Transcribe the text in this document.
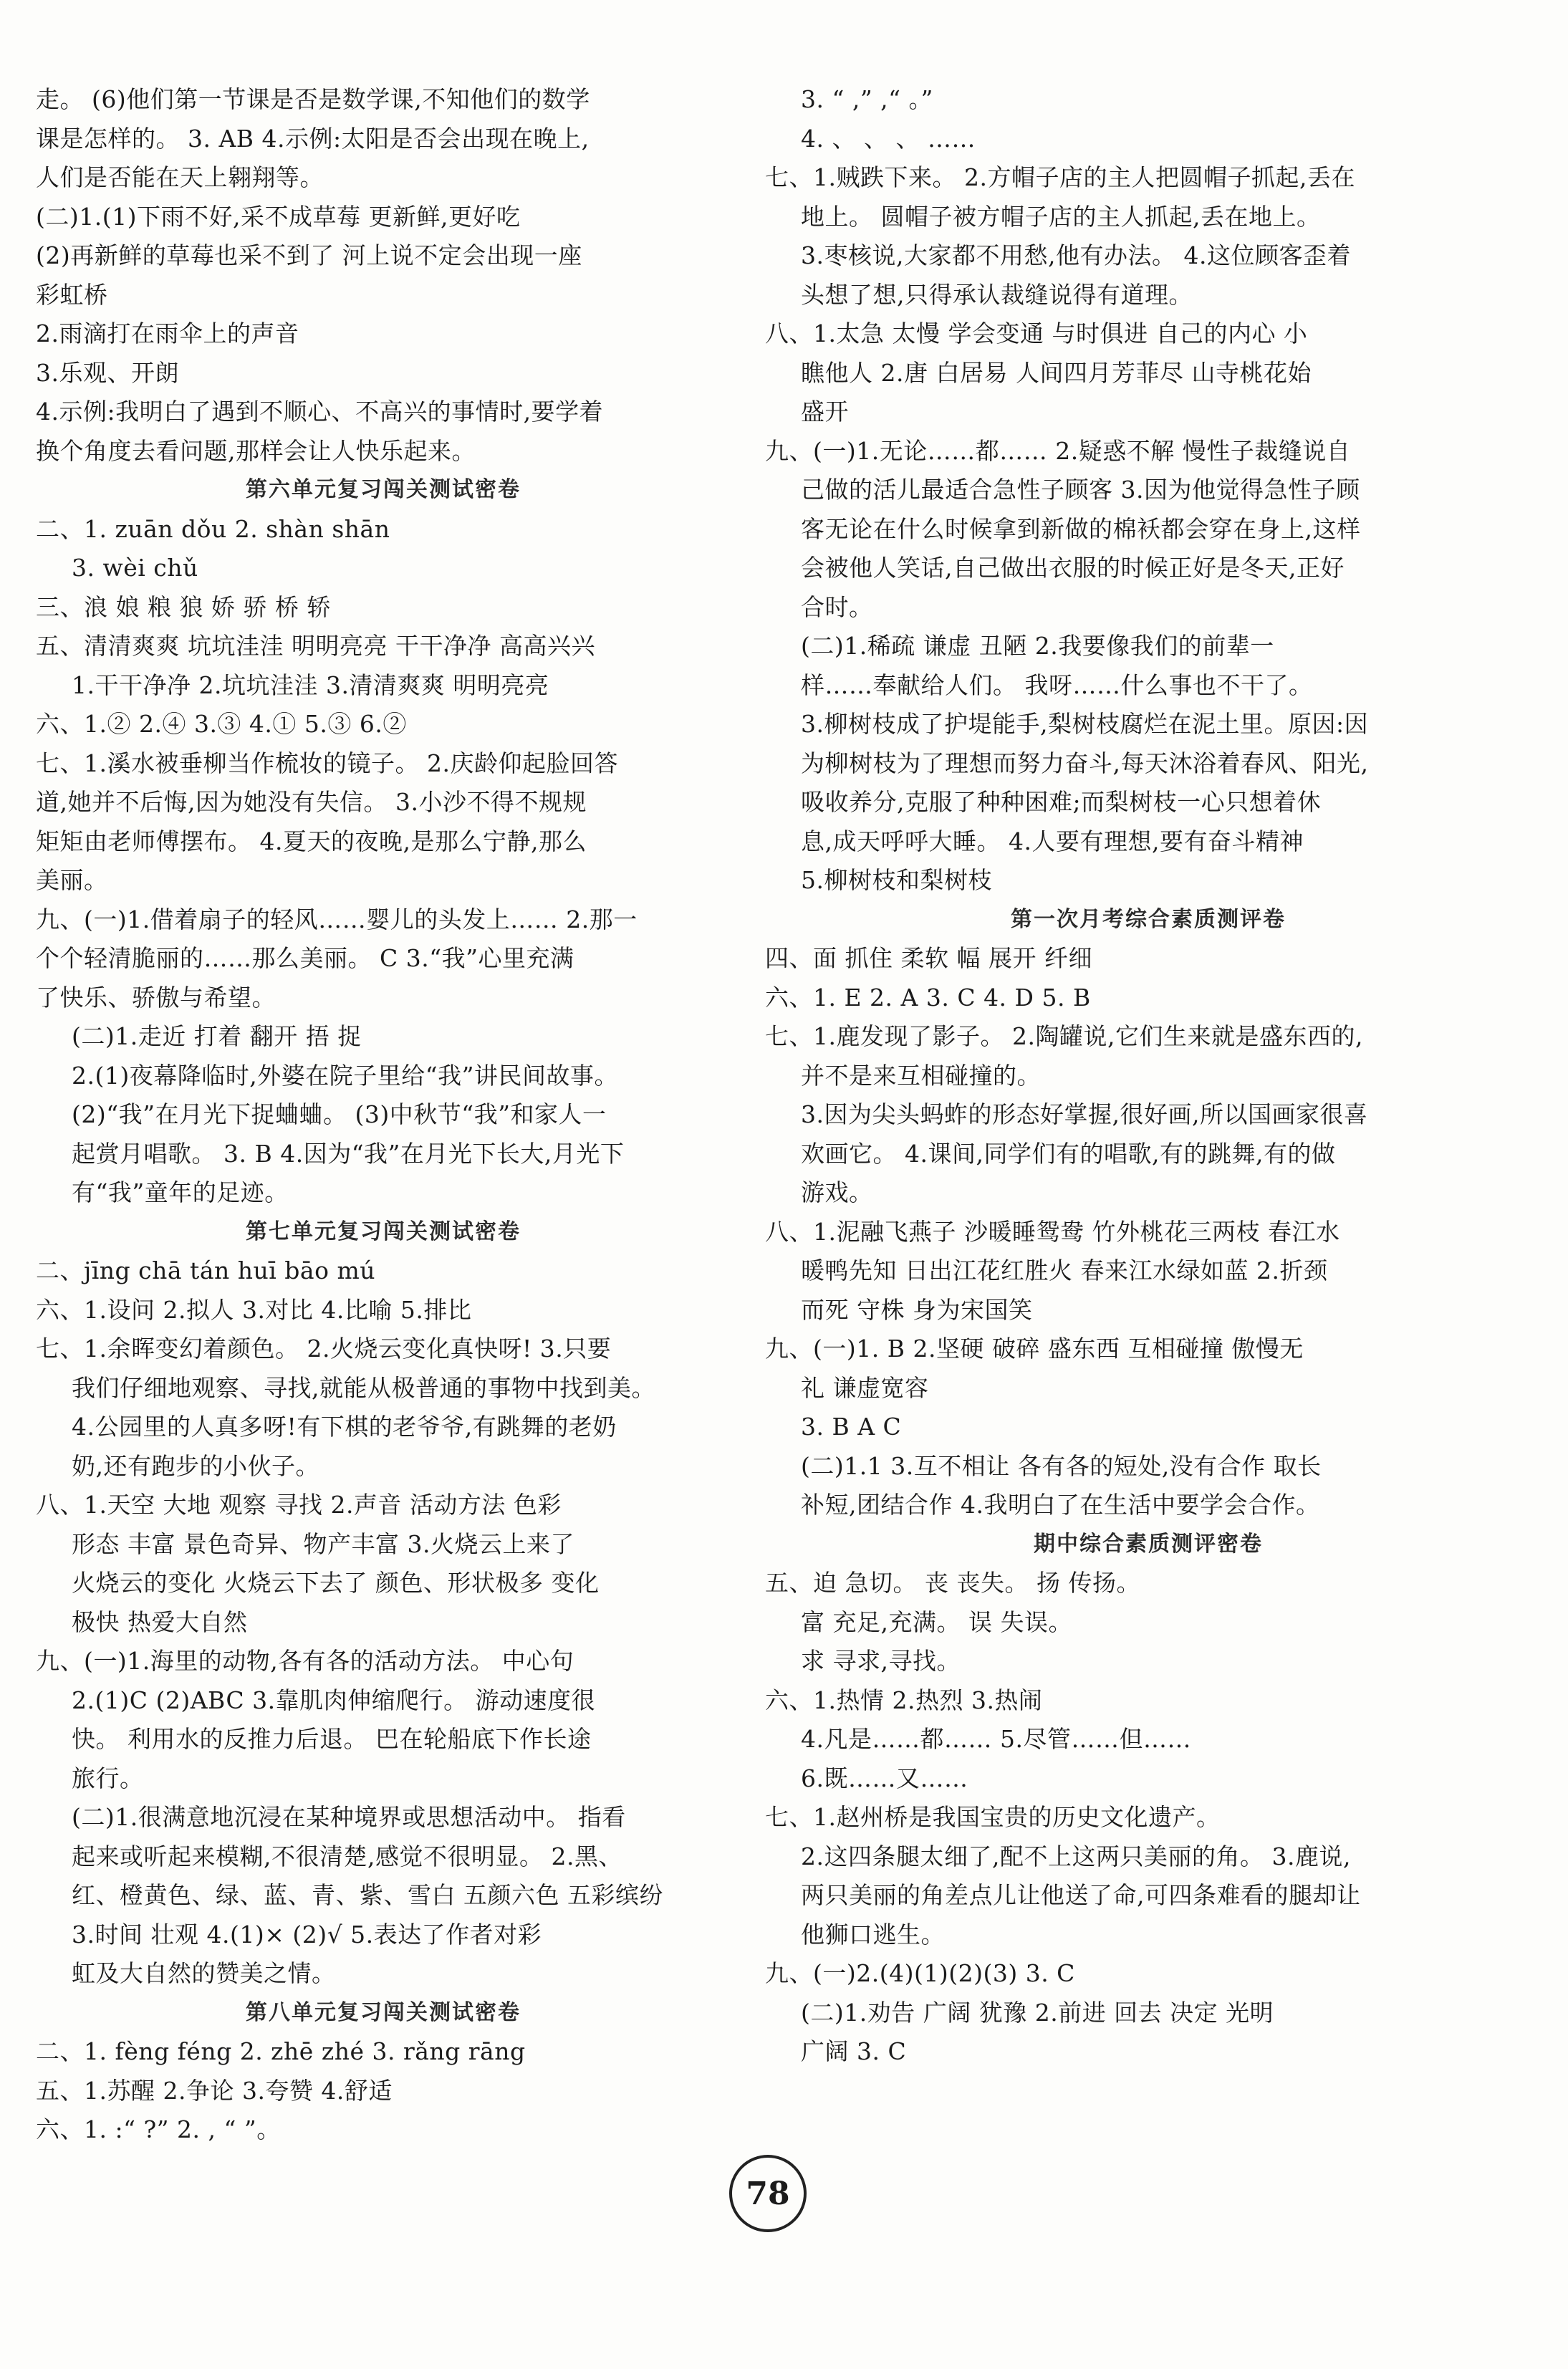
走。 (6)他们第一节课是否是数学课,不知他们的数学
课是怎样的。 3. AB 4.示例:太阳是否会出现在晚上,
人们是否能在天上翱翔等。
(二)1.(1)下雨不好,采不成草莓 更新鲜,更好吃
(2)再新鲜的草莓也采不到了 河上说不定会出现一座
彩虹桥
2.雨滴打在雨伞上的声音
3.乐观、开朗
4.示例:我明白了遇到不顺心、不高兴的事情时,要学着
换个角度去看问题,那样会让人快乐起来。
第六单元复习闯关测试密卷
二、1. zuān dǒu 2. shàn shān
3. wèi chǔ
三、浪 娘 粮 狼 娇 骄 桥 轿
五、清清爽爽 坑坑洼洼 明明亮亮 干干净净 高高兴兴
1.干干净净 2.坑坑洼洼 3.清清爽爽 明明亮亮
六、1.② 2.④ 3.③ 4.① 5.③ 6.②
七、1.溪水被垂柳当作梳妆的镜子。 2.庆龄仰起脸回答
道,她并不后悔,因为她没有失信。 3.小沙不得不规规
矩矩由老师傅摆布。 4.夏天的夜晚,是那么宁静,那么
美丽。
九、(一)1.借着扇子的轻风……婴儿的头发上…… 2.那一
个个轻清脆丽的……那么美丽。 C 3.“我”心里充满
了快乐、骄傲与希望。
(二)1.走近 打着 翻开 捂 捉
2.(1)夜幕降临时,外婆在院子里给“我”讲民间故事。
(2)“我”在月光下捉蛐蛐。 (3)中秋节“我”和家人一
起赏月唱歌。 3. B 4.因为“我”在月光下长大,月光下
有“我”童年的足迹。
第七单元复习闯关测试密卷
二、jīng chā tán huī bāo mú
六、1.设问 2.拟人 3.对比 4.比喻 5.排比
七、1.余晖变幻着颜色。 2.火烧云变化真快呀! 3.只要
我们仔细地观察、寻找,就能从极普通的事物中找到美。
4.公园里的人真多呀!有下棋的老爷爷,有跳舞的老奶
奶,还有跑步的小伙子。
八、1.天空 大地 观察 寻找 2.声音 活动方法 色彩
形态 丰富 景色奇异、物产丰富 3.火烧云上来了
火烧云的变化 火烧云下去了 颜色、形状极多 变化
极快 热爱大自然
九、(一)1.海里的动物,各有各的活动方法。 中心句
2.(1)C (2)ABC 3.靠肌肉伸缩爬行。 游动速度很
快。 利用水的反推力后退。 巴在轮船底下作长途
旅行。
(二)1.很满意地沉浸在某种境界或思想活动中。 指看
起来或听起来模糊,不很清楚,感觉不很明显。 2.黑、
红、橙黄色、绿、蓝、青、紫、雪白 五颜六色 五彩缤纷
3.时间 壮观 4.(1)× (2)√ 5.表达了作者对彩
虹及大自然的赞美之情。
第八单元复习闯关测试密卷
二、1. fèng féng 2. zhē zhé 3. rǎng rāng
五、1.苏醒 2.争论 3.夸赞 4.舒适
六、1. :“ ?” 2. , “ ”。
3. “ ,” ,“ 。”
4. 、 、 、 ……
七、1.贼跌下来。 2.方帽子店的主人把圆帽子抓起,丢在
地上。 圆帽子被方帽子店的主人抓起,丢在地上。
3.枣核说,大家都不用愁,他有办法。 4.这位顾客歪着
头想了想,只得承认裁缝说得有道理。
八、1.太急 太慢 学会变通 与时俱进 自己的内心 小
瞧他人 2.唐 白居易 人间四月芳菲尽 山寺桃花始
盛开
九、(一)1.无论……都…… 2.疑惑不解 慢性子裁缝说自
己做的活儿最适合急性子顾客 3.因为他觉得急性子顾
客无论在什么时候拿到新做的棉袄都会穿在身上,这样
会被他人笑话,自己做出衣服的时候正好是冬天,正好
合时。
(二)1.稀疏 谦虚 丑陋 2.我要像我们的前辈一
样……奉献给人们。 我呀……什么事也不干了。
3.柳树枝成了护堤能手,梨树枝腐烂在泥土里。原因:因
为柳树枝为了理想而努力奋斗,每天沐浴着春风、阳光,
吸收养分,克服了种种困难;而梨树枝一心只想着休
息,成天呼呼大睡。 4.人要有理想,要有奋斗精神
5.柳树枝和梨树枝
第一次月考综合素质测评卷
四、面 抓住 柔软 幅 展开 纤细
六、1. E 2. A 3. C 4. D 5. B
七、1.鹿发现了影子。 2.陶罐说,它们生来就是盛东西的,
并不是来互相碰撞的。
3.因为尖头蚂蚱的形态好掌握,很好画,所以国画家很喜
欢画它。 4.课间,同学们有的唱歌,有的跳舞,有的做
游戏。
八、1.泥融飞燕子 沙暖睡鸳鸯 竹外桃花三两枝 春江水
暖鸭先知 日出江花红胜火 春来江水绿如蓝 2.折颈
而死 守株 身为宋国笑
九、(一)1. B 2.坚硬 破碎 盛东西 互相碰撞 傲慢无
礼 谦虚宽容
3. B A C
(二)1.1 3.互不相让 各有各的短处,没有合作 取长
补短,团结合作 4.我明白了在生活中要学会合作。
期中综合素质测评密卷
五、迫 急切。 丧 丧失。 扬 传扬。
富 充足,充满。 误 失误。
求 寻求,寻找。
六、1.热情 2.热烈 3.热闹
4.凡是……都…… 5.尽管……但……
6.既……又……
七、1.赵州桥是我国宝贵的历史文化遗产。
2.这四条腿太细了,配不上这两只美丽的角。 3.鹿说,
两只美丽的角差点儿让他送了命,可四条难看的腿却让
他狮口逃生。
九、(一)2.(4)(1)(2)(3) 3. C
(二)1.劝告 广阔 犹豫 2.前进 回去 决定 光明
广阔 3. C
78
